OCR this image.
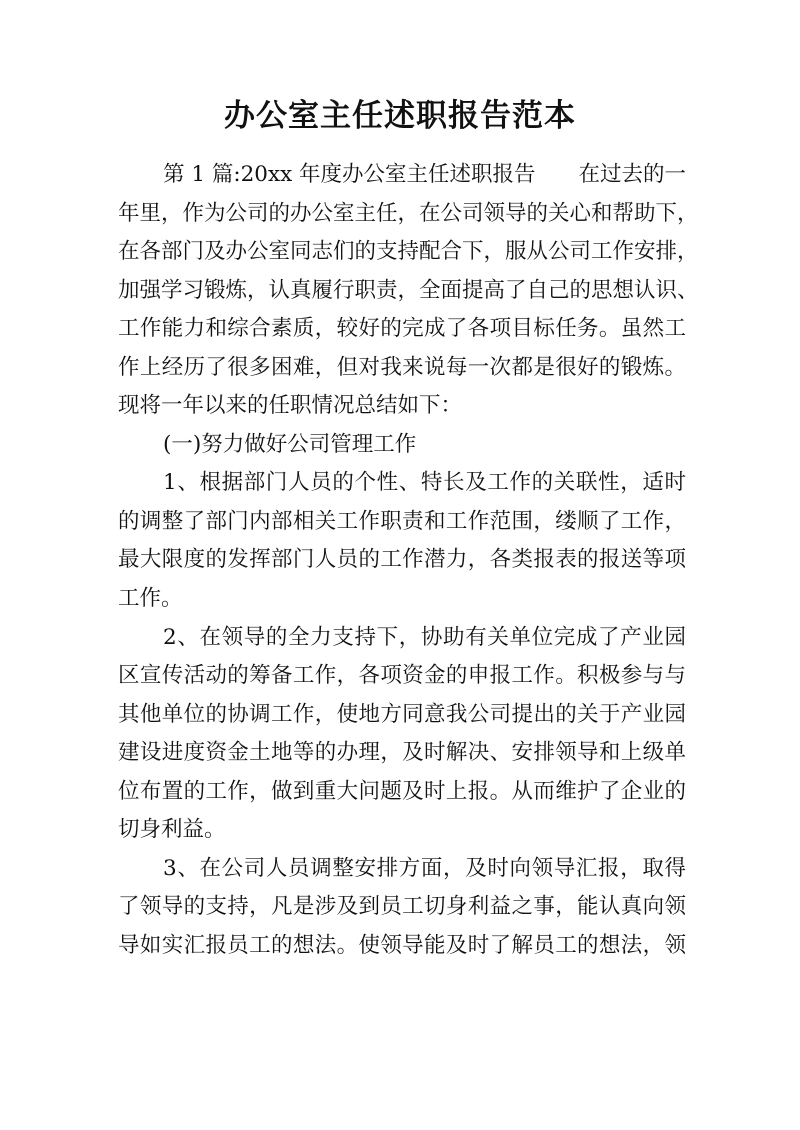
办公室主任述职报告范本
第 1 篇:20xx 年度办公室主任述职报告　　在过去的一
年里，作为公司的办公室主任，在公司领导的关心和帮助下，
在各部门及办公室同志们的支持配合下，服从公司工作安排，
加强学习锻炼，认真履行职责，全面提高了自己的思想认识、
工作能力和综合素质，较好的完成了各项目标任务。虽然工
作上经历了很多困难，但对我来说每一次都是很好的锻炼。
现将一年以来的任职情况总结如下：
(一)努力做好公司管理工作
1、根据部门人员的个性、特长及工作的关联性，适时
的调整了部门内部相关工作职责和工作范围，缕顺了工作，
最大限度的发挥部门人员的工作潜力，各类报表的报送等项
工作。
2、在领导的全力支持下，协助有关单位完成了产业园
区宣传活动的筹备工作，各项资金的申报工作。积极参与与
其他单位的协调工作，使地方同意我公司提出的关于产业园
建设进度资金土地等的办理，及时解决、安排领导和上级单
位布置的工作，做到重大问题及时上报。从而维护了企业的
切身利益。
3、在公司人员调整安排方面，及时向领导汇报，取得
了领导的支持，凡是涉及到员工切身利益之事，能认真向领
导如实汇报员工的想法。使领导能及时了解员工的想法，领
